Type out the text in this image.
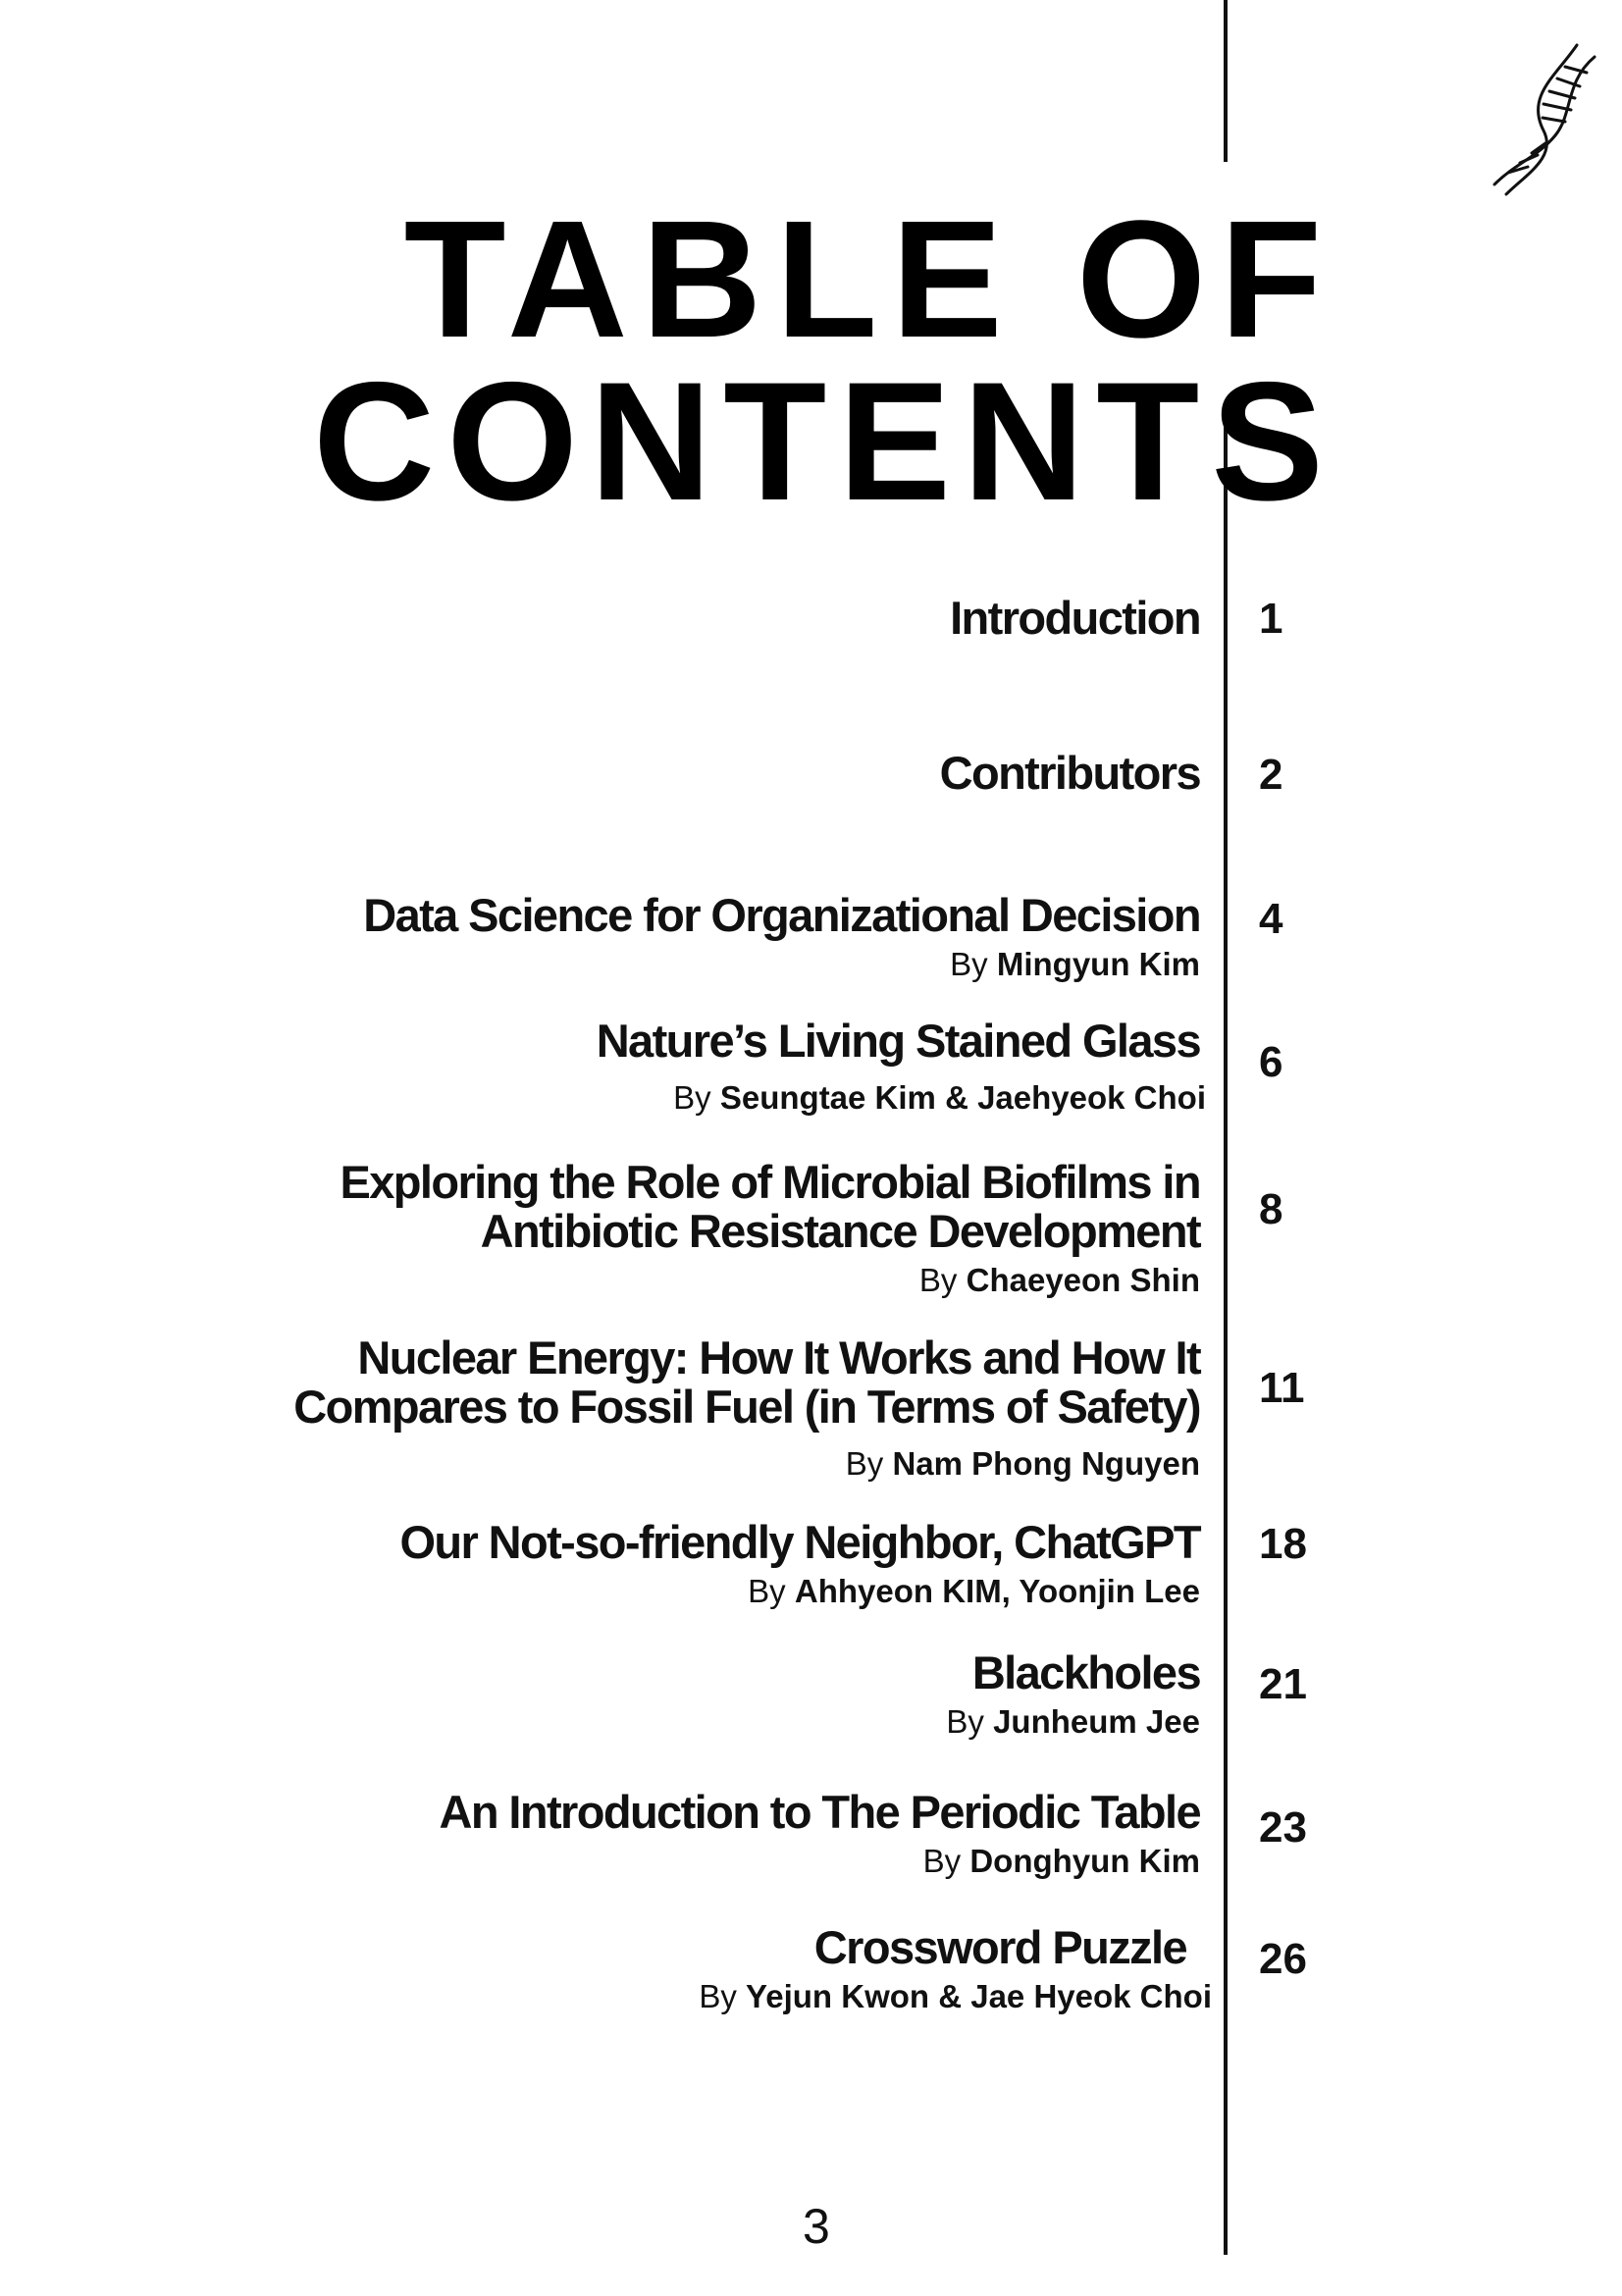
TABLE OF
CONTENTS
Introduction 1
Contributors 2
Data Science for Organizational Decision
By Mingyun Kim
4
Nature’s Living Stained Glass
By Seungtae Kim & Jaehyeok Choi
6
Exploring the Role of Microbial Biofilms in
Antibiotic Resistance Development
By Chaeyeon Shin
8
Nuclear Energy: How It Works and How It
Compares to Fossil Fuel (in Terms of Safety)
By Nam Phong Nguyen
11
Our Not-so-friendly Neighbor, ChatGPT
By Ahhyeon KIM, Yoonjin Lee
18
Blackholes
By Junheum Jee
21
An Introduction to The Periodic Table
By Donghyun Kim
23
Crossword Puzzle
By Yejun Kwon & Jae Hyeok Choi
26
3
